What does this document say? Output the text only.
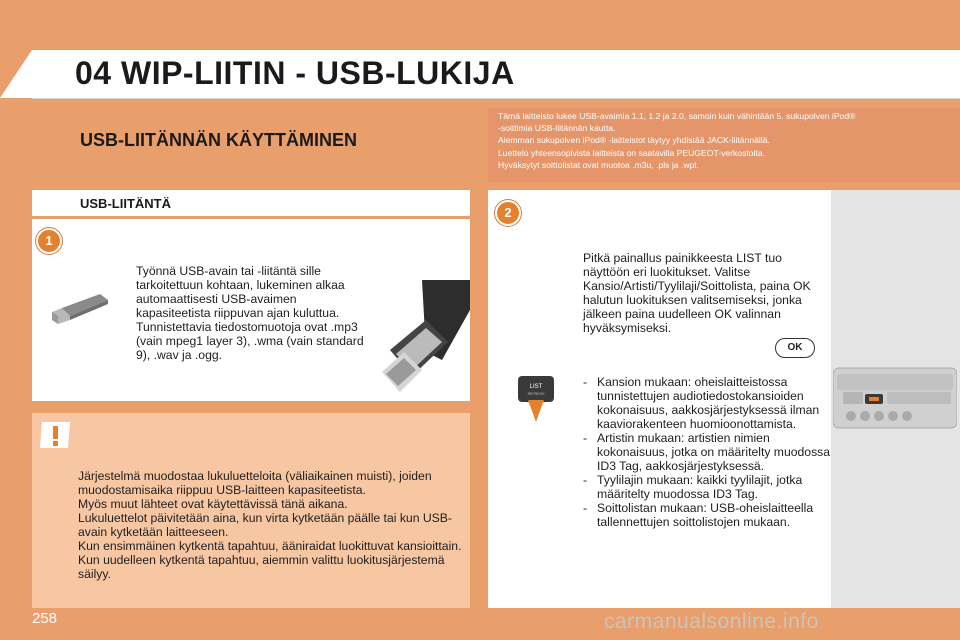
04 WIP-LIITIN - USB-LUKIJA
USB-LIITÄNNÄN KÄYTTÄMINEN

Tämä laitteisto lukee USB-avaimia 1.1, 1.2 ja 2.0, samoin kuin vähintään 5. sukupolven iPod®

-soittimia USB-liitännän kautta.

Aiemman sukupolven iPod® -laitteistot täytyy yhdistää JACK-liitännällä.

Luettelo yhteensopivista laitteista on saatavilla PEUGEOT-verkostolta.

Hyväksytyt soittolistat ovat muotoa .m3u, .pls ja .wpl.

USB-LIITÄNTÄ
1
Työnnä USB-avain tai -liitäntä sille tarkoitettuun kohtaan, lukeminen alkaa automaattisesti USB-avaimen kapasiteetista riippuvan ajan kuluttua. Tunnistettavia tiedostomuotoja ovat .mp3 (vain mpeg1 layer 3), .wma (vain standard 9), .wav ja .ogg.
Järjestelmä muodostaa lukuluetteloita (väliaikainen muisti), joiden muodostamisaika riippuu USB-laitteen kapasiteetista.
Myös muut lähteet ovat käytettävissä tänä aikana.
Lukuluettelot päivitetään aina, kun virta kytketään päälle tai kun USB-avain kytketään laitteeseen.
Kun ensimmäinen kytkentä tapahtuu, ääniraidat luokittuvat kansioittain. Kun uudelleen kytkentä tapahtuu, aiemmin valittu luokitusjärjestemä säilyy.
2
Pitkä painallus painikkeesta LIST tuo näyttöön eri luokitukset. Valitse Kansio/Artisti/Tyylilaji/Soittolista, paina OK halutun luokituksen valitsemiseksi, jonka jälkeen paina uudelleen OK valinnan hyväksymiseksi.
OK
LIST
REFRESH
- Kansion mukaan: oheislaitteistossa tunnistettujen audiotiedostokansioiden kokonaisuus, aakkosjärjestyksessä ilman kaaviorakenteen huomioonottamista.
- Artistin mukaan: artistien nimien kokonaisuus, jotka on määritelty muodossa ID3 Tag, aakkosjärjestyksessä.
- Tyylilajin mukaan: kaikki tyylilajit, jotka määritelty muodossa ID3 Tag.
- Soittolistan mukaan: USB-oheislaitteella tallennettujen soittolistojen mukaan.
258	carmanualsonline.info
